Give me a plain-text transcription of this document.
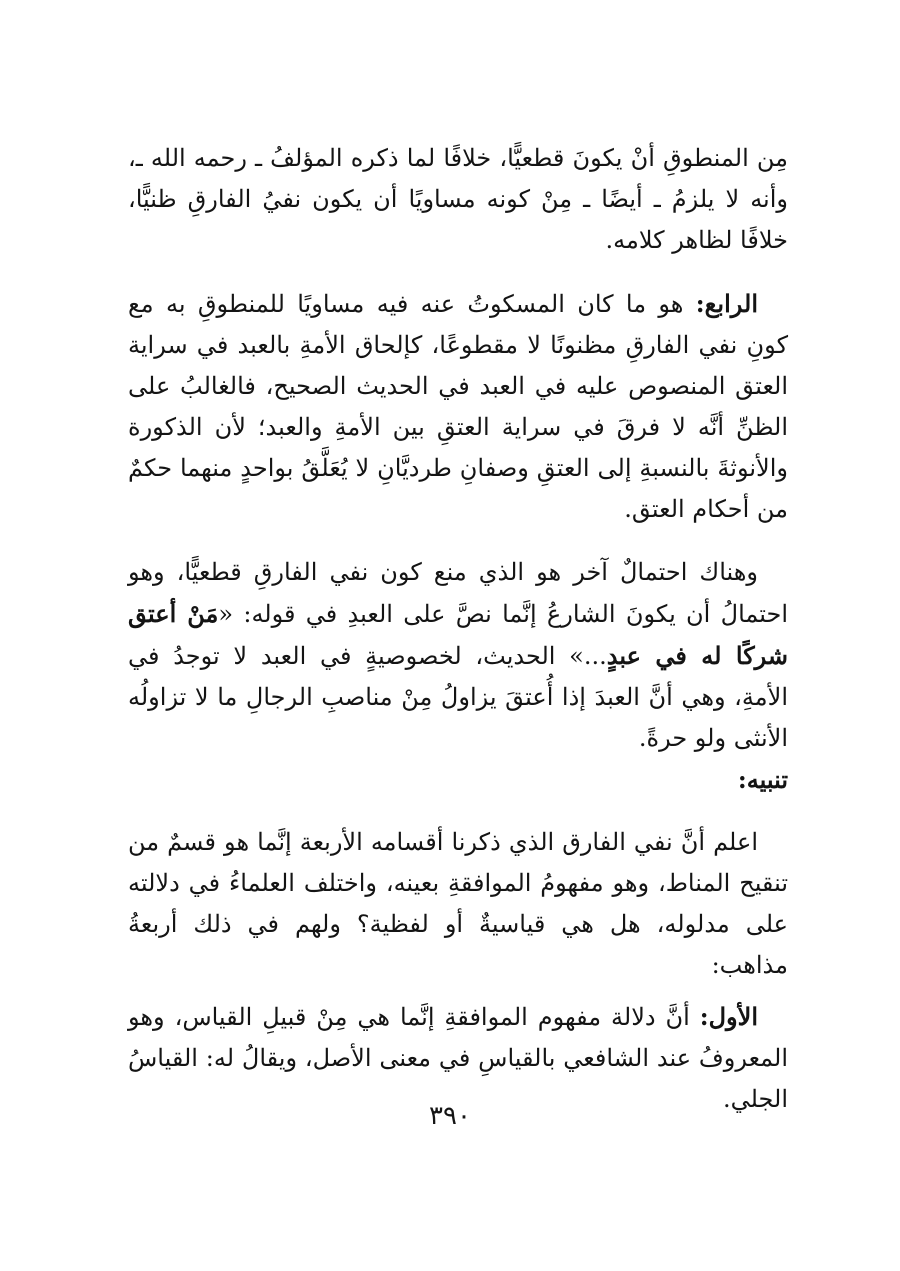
مِن المنطوقِ أنْ يكونَ قطعيًّا، خلافًا لما ذكره المؤلفُ ـ رحمه الله ـ، وأنه لا يلزمُ ـ أيضًا ـ مِنْ كونه مساويًا أن يكون نفيُ الفارقِ ظنيًّا، خلافًا لظاهر كلامه.

الرابع: هو ما كان المسكوتُ عنه فيه مساويًا للمنطوقِ به مع كونِ نفي الفارقِ مظنونًا لا مقطوعًا، كإلحاق الأمةِ بالعبد في سراية العتق المنصوص عليه في العبد في الحديث الصحيح، فالغالبُ على الظنِّ أنَّه لا فرقَ في سراية العتقِ بين الأمةِ والعبد؛ لأن الذكورة والأنوثةَ بالنسبةِ إلى العتقِ وصفانِ طرديَّانِ لا يُعَلَّقُ بواحدٍ منهما حكمٌ من أحكام العتق.

وهناك احتمالٌ آخر هو الذي منع كون نفي الفارقِ قطعيًّا، وهو احتمالُ أن يكونَ الشارعُ إنَّما نصَّ على العبدِ في قوله: «مَنْ أعتق شركًا له في عبدٍ...» الحديث، لخصوصيةٍ في العبد لا توجدُ في الأمةِ، وهي أنَّ العبدَ إذا أُعتقَ يزاولُ مِنْ مناصبِ الرجالِ ما لا تزاولُه الأنثى ولو حرةً.

تنبيه:

اعلم أنَّ نفي الفارق الذي ذكرنا أقسامه الأربعة إنَّما هو قسمٌ من تنقيح المناط، وهو مفهومُ الموافقةِ بعينه، واختلف العلماءُ في دلالته على مدلوله، هل هي قياسيةٌ أو لفظية؟ ولهم في ذلك أربعةُ مذاهب:

الأول: أنَّ دلالة مفهوم الموافقةِ إنَّما هي مِنْ قبيلِ القياس، وهو المعروفُ عند الشافعي بالقياسِ في معنى الأصل، ويقالُ له: القياسُ الجلي.

٣٩٠
